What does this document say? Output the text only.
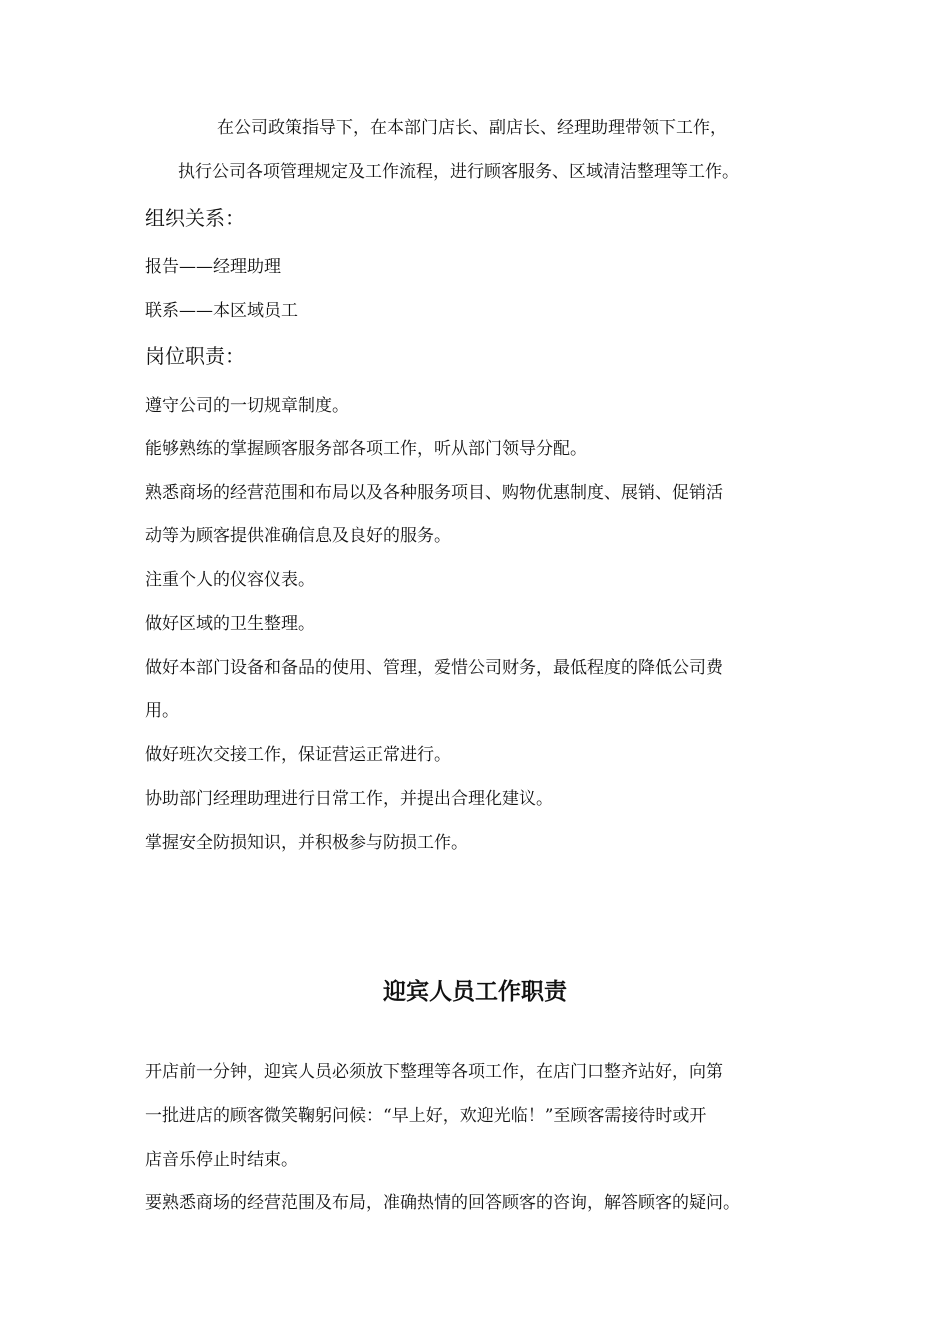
在公司政策指导下，在本部门店长、副店长、经理助理带领下工作，
执行公司各项管理规定及工作流程，进行顾客服务、区域清洁整理等工作。
组织关系：
报告——经理助理
联系——本区域员工
岗位职责：
遵守公司的一切规章制度。
能够熟练的掌握顾客服务部各项工作，听从部门领导分配。
熟悉商场的经营范围和布局以及各种服务项目、购物优惠制度、展销、促销活
动等为顾客提供准确信息及良好的服务。
注重个人的仪容仪表。
做好区域的卫生整理。
做好本部门设备和备品的使用、管理，爱惜公司财务，最低程度的降低公司费
用。
做好班次交接工作，保证营运正常进行。
协助部门经理助理进行日常工作，并提出合理化建议。
掌握安全防损知识，并积极参与防损工作。
迎宾人员工作职责
开店前一分钟，迎宾人员必须放下整理等各项工作，在店门口整齐站好，向第
一批进店的顾客微笑鞠躬问候：“早上好，欢迎光临！”至顾客需接待时或开
店音乐停止时结束。
要熟悉商场的经营范围及布局，准确热情的回答顾客的咨询，解答顾客的疑问。
